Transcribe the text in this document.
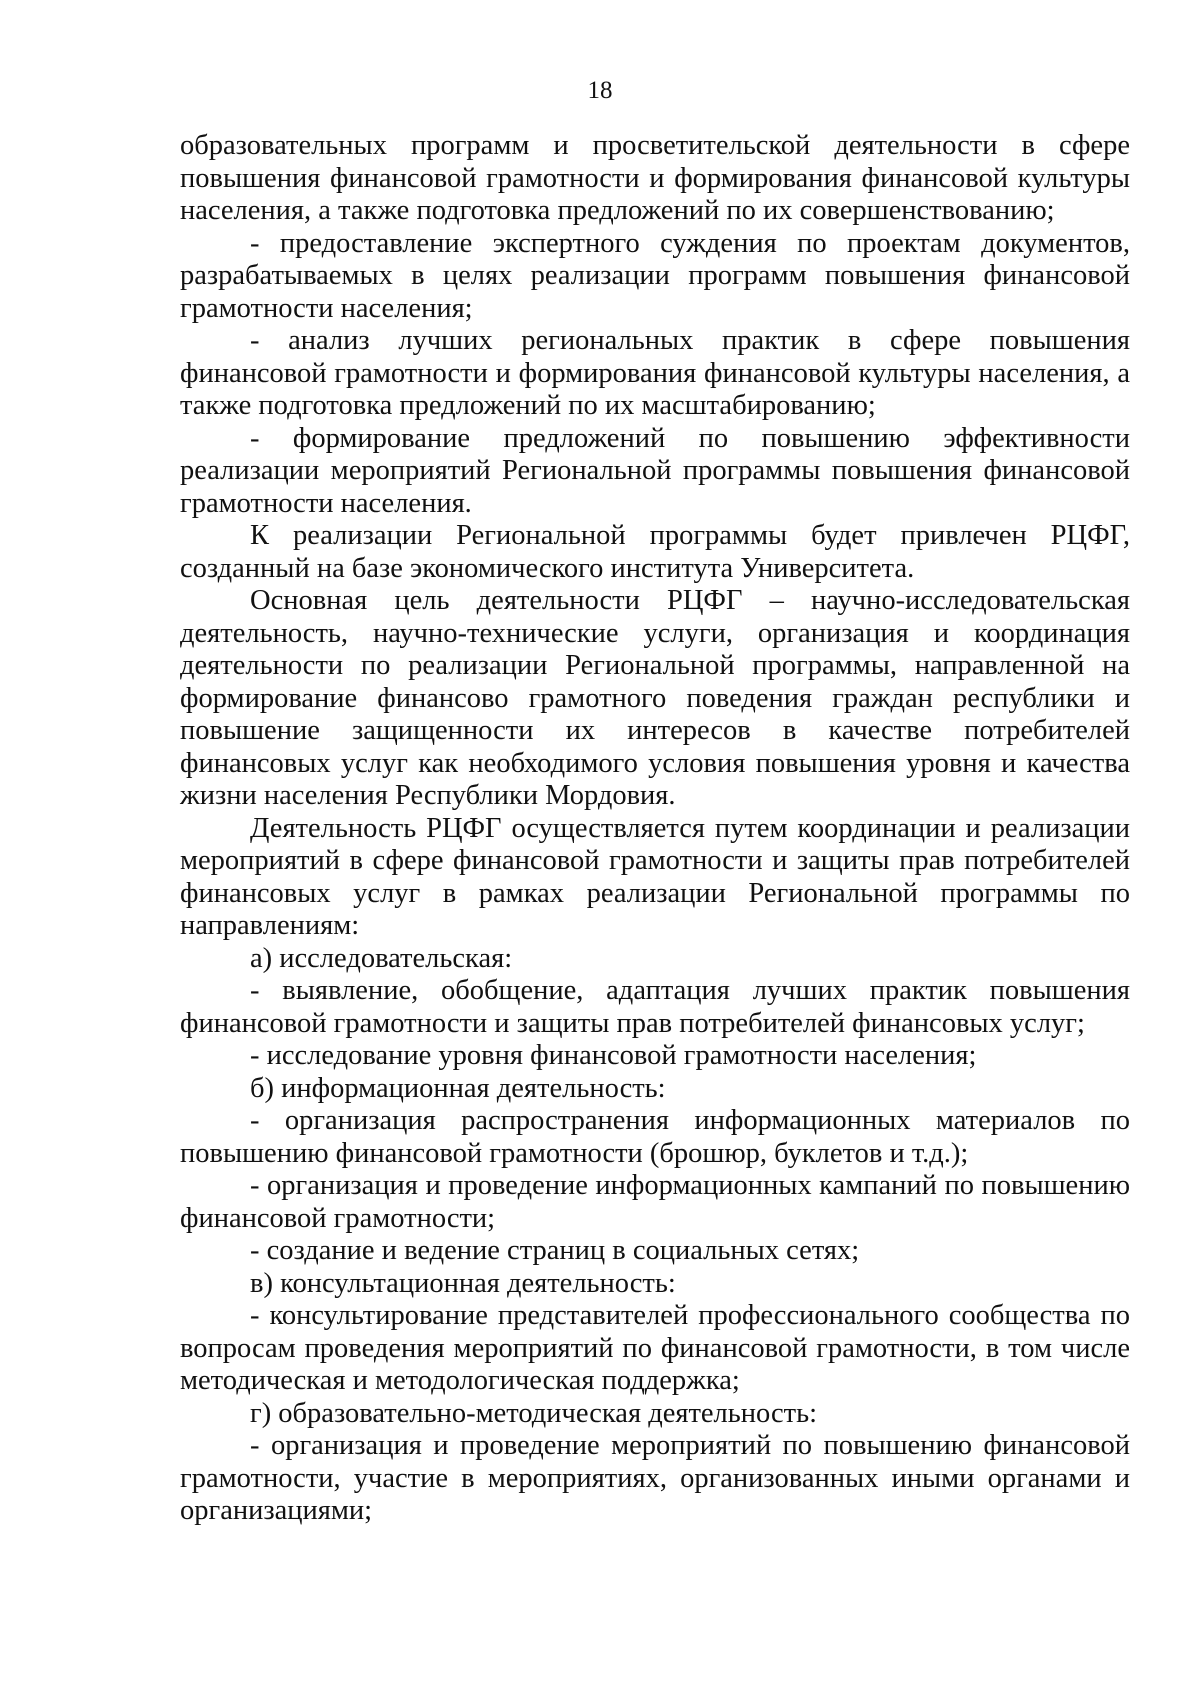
18

образовательных программ и просветительской деятельности в сфере повышения финансовой грамотности и формирования финансовой культуры населения, а также подготовка предложений по их совершенствованию;

- предоставление экспертного суждения по проектам документов, разрабатываемых в целях реализации программ повышения финансовой грамотности населения;

- анализ лучших региональных практик в сфере повышения финансовой грамотности и формирования финансовой культуры населения, а также подготовка предложений по их масштабированию;

- формирование предложений по повышению эффективности реализации мероприятий Региональной программы повышения финансовой грамотности населения.

К реализации Региональной программы будет привлечен РЦФГ, созданный на базе экономического института Университета.

Основная цель деятельности РЦФГ – научно-исследовательская деятельность, научно-технические услуги, организация и координация деятельности по реализации Региональной программы, направленной на формирование финансово грамотного поведения граждан республики и повышение защищенности их интересов в качестве потребителей финансовых услуг как необходимого условия повышения уровня и качества жизни населения Республики Мордовия.

Деятельность РЦФГ осуществляется путем координации и реализации мероприятий в сфере финансовой грамотности и защиты прав потребителей финансовых услуг в рамках реализации Региональной программы по направлениям:

а) исследовательская:

- выявление, обобщение, адаптация лучших практик повышения финансовой грамотности и защиты прав потребителей финансовых услуг;

- исследование уровня финансовой грамотности населения;

б) информационная деятельность:

- организация распространения информационных материалов по повышению финансовой грамотности (брошюр, буклетов и т.д.);

- организация и проведение информационных кампаний по повышению финансовой грамотности;

- создание и ведение страниц в социальных сетях;

в) консультационная деятельность:

- консультирование представителей профессионального сообщества по вопросам проведения мероприятий по финансовой грамотности, в том числе методическая и методологическая поддержка;

г) образовательно-методическая деятельность:

- организация и проведение мероприятий по повышению финансовой грамотности, участие в мероприятиях, организованных иными органами и организациями;
